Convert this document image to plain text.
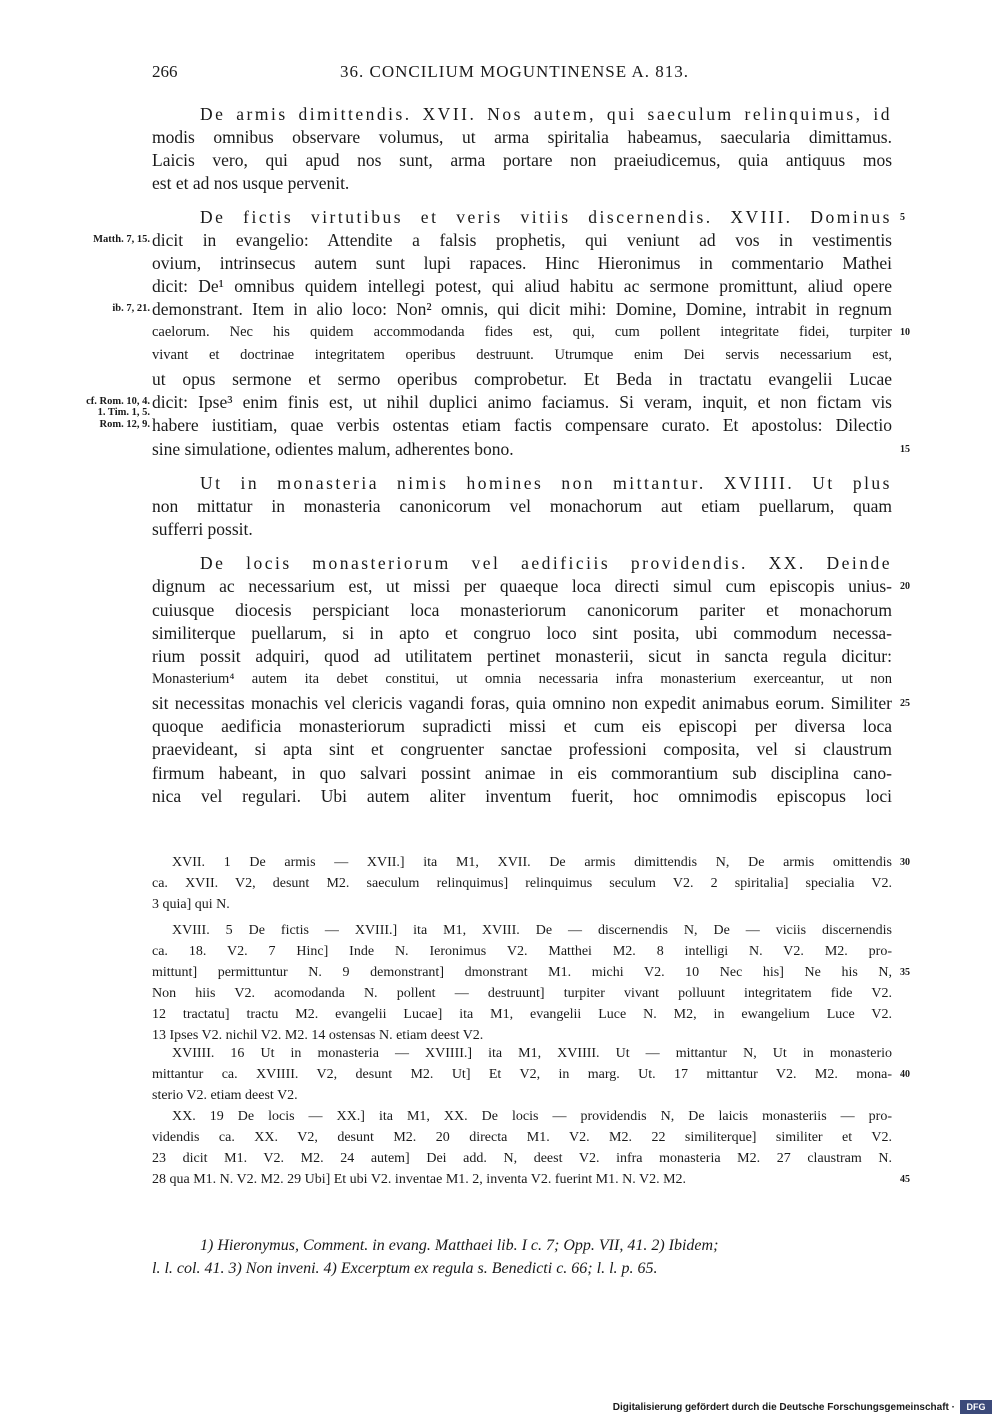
266	36. CONCILIUM MOGUNTINENSE A. 813.
De armis dimittendis. XVII. Nos autem, qui saeculum relinquimus, id
modis omnibus observare volumus, ut arma spiritalia habeamus, saecularia dimittamus.
Laicis vero, qui apud nos sunt, arma portare non praeiudicemus, quia antiquus mos
est et ad nos usque pervenit.
De fictis virtutibus et veris vitiis discernendis. XVIII. Dominus 5
dicit in evangelio: Attendite a falsis prophetis, qui veniunt ad vos in vestimentis
Matth. 7, 15.
ovium, intrinsecus autem sunt lupi rapaces. Hinc Hieronimus in commentario Mathei
dicit: De¹ omnibus quidem intellegi potest, qui aliud habitu ac sermone promittunt, aliud opere
demonstrant. Item in alio loco: Non² omnis, qui dicit mihi: Domine, Domine, intrabit in regnum
ib. 7, 21.
caelorum. Nec his quidem accommodanda fides est, qui, cum pollent integritate fidei, turpiter 10
vivant et doctrinae integritatem operibus destruunt. Utrumque enim Dei servis necessarium est,
ut opus sermone et sermo operibus comprobetur. Et Beda in tractatu evangelii Lucae
dicit: Ipse³ enim finis est, ut nihil duplici animo faciamus. Si veram, inquit, et non fictam vis
cf. Rom. 10, 4.
1. Tim. 1, 5.
habere iustitiam, quae verbis ostentas etiam factis compensare curato. Et apostolus: Dilectio
Rom. 12, 9.
sine simulatione, odientes malum, adherentes bono.	15
Ut in monasteria nimis homines non mittantur. XVIIII. Ut plus
non mittatur in monasteria canonicorum vel monachorum aut etiam puellarum, quam
sufferri possit.
De locis monasteriorum vel aedificiis providendis. XX. Deinde
dignum ac necessarium est, ut missi per quaeque loca directi simul cum episcopis unius- 20
cuiusque diocesis perspiciant loca monasteriorum canonicorum pariter et monachorum
similiterque puellarum, si in apto et congruo loco sint posita, ubi commodum necessa-
rium possit adquiri, quod ad utilitatem pertinet monasterii, sicut in sancta regula dicitur:
Monasterium⁴ autem ita debet constitui, ut omnia necessaria infra monasterium exerceantur, ut non
sit necessitas monachis vel clericis vagandi foras, quia omnino non expedit animabus eorum. Similiter 25
quoque aedificia monasteriorum supradicti missi et cum eis episcopi per diversa loca
praevideant, si apta sint et congruenter sanctae professioni composita, vel si claustrum
firmum habeant, in quo salvari possint animae in eis commorantium sub disciplina cano-
nica vel regulari. Ubi autem aliter inventum fuerit, hoc omnimodis episcopus loci
XVII. 1 De armis — XVII.] ita M1, XVII. De armis dimittendis N, De armis omittendis 30
ca. XVII. V2, desunt M2. saeculum relinquimus] relinquimus seculum V2. 2 spiritalia] specialia V2.
3 quia] qui N.
XVIII. 5 De fictis — XVIII.] ita M1, XVIII. De — discernendis N, De — viciis discernendis
ca. 18. V2. 7 Hinc] Inde N. Ieronimus V2. Matthei M2. 8 intelligi N. V2. M2. pro-
mittunt] permittuntur N. 9 demonstrant] dmonstrant M1. michi V2. 10 Nec his] Ne his N, 35
Non hiis V2. acomodanda N. pollent — destruunt] turpiter vivant polluunt integritatem fide V2.
12 tractatu] tractu M2. evangelii Lucae] ita M1, evangelii Luce N. M2, in ewangelium Luce V2.
13 Ipses V2. nichil V2. M2. 14 ostensas N. etiam deest V2.
XVIIII. 16 Ut in monasteria — XVIIII.] ita M1, XVIIII. Ut — mittantur N, Ut in monasterio
mittantur ca. XVIIII. V2, desunt M2. Ut] Et V2, in marg. Ut. 17 mittantur V2. M2. mona- 40
sterio V2. etiam deest V2.
XX. 19 De locis — XX.] ita M1, XX. De locis — providendis N, De laicis monasteriis — pro-
videndis ca. XX. V2, desunt M2. 20 directa M1. V2. M2. 22 similiterque] similiter et V2.
23 dicit M1. V2. M2. 24 autem] Dei add. N, deest V2. infra monasteria M2. 27 claustram N.
28 qua M1. N. V2. M2. 29 Ubi] Et ubi V2. inventae M1. 2, inventa V2. fuerint M1. N. V2. M2.	45
1) Hieronymus, Comment. in evang. Matthaei lib. I c. 7; Opp. VII, 41. 2) Ibidem;
l. l. col. 41. 3) Non inveni. 4) Excerptum ex regula s. Benedicti c. 66; l. l. p. 65.
Digitalisierung gefördert durch die Deutsche Forschungsgemeinschaft ·	DFG
